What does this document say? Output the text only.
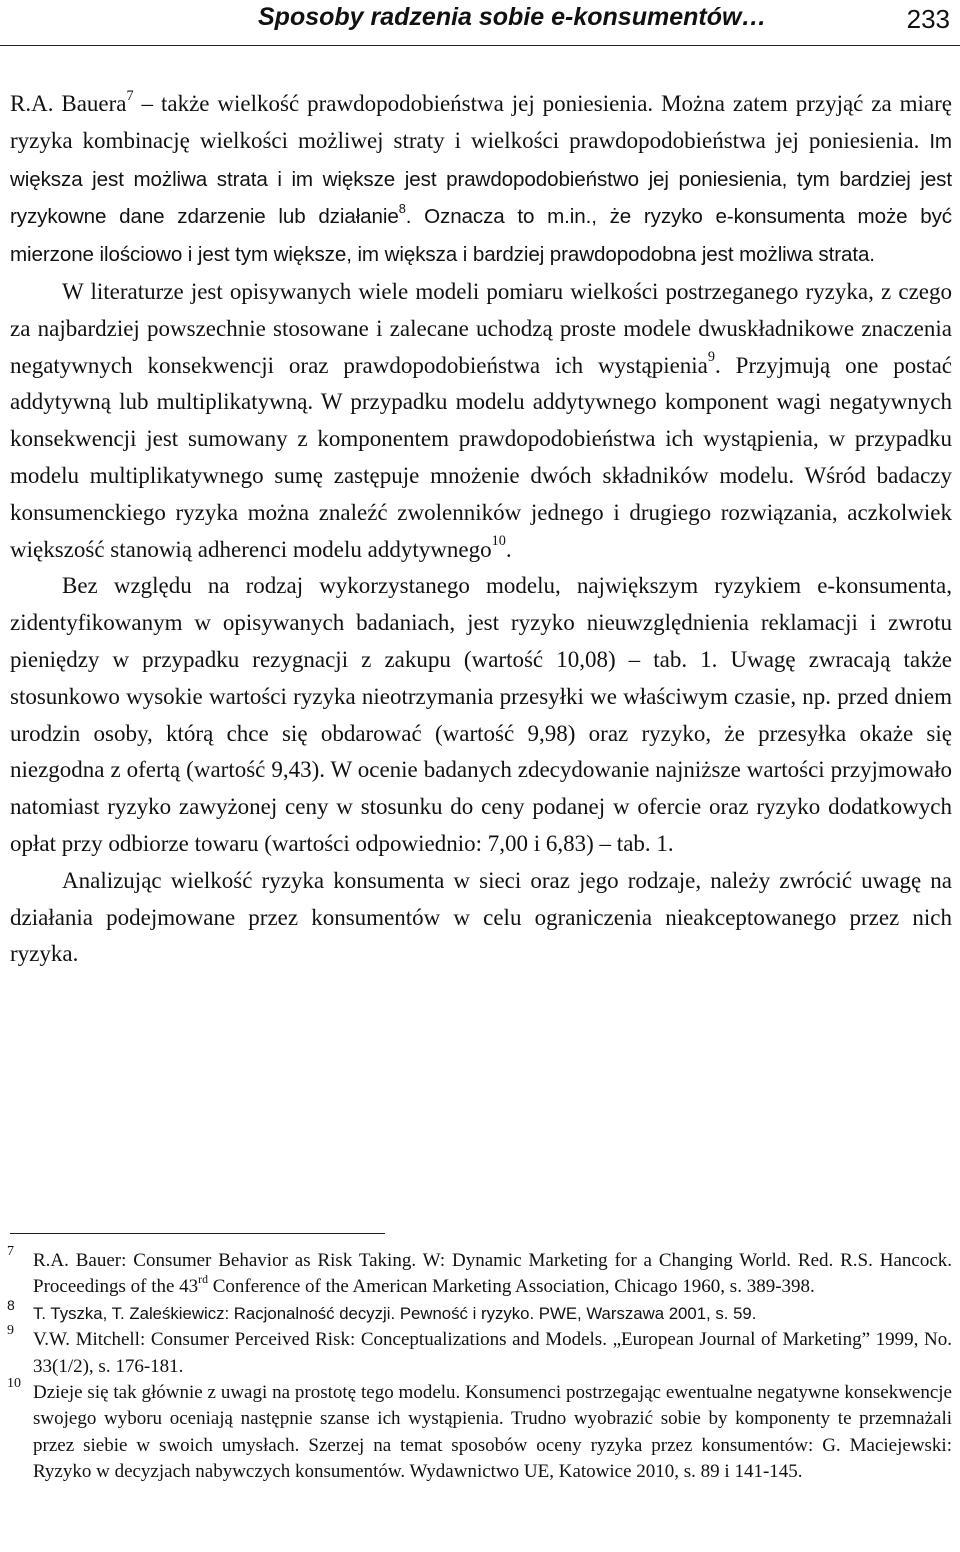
Sposoby radzenia sobie e-konsumentów…	233

R.A. Bauera$^7$ – także wielkość prawdopodobieństwa jej poniesienia. Można zatem przyjąć za miarę ryzyka kombinację wielkości możliwej straty i wielkości prawdopodobieństwa jej poniesienia. Im większa jest możliwa strata i im większe jest prawdopodobieństwo jej poniesienia, tym bardziej jest ryzykowne dane zdarzenie lub działanie$^8$. Oznacza to m.in., że ryzyko e-konsumenta może być mierzone ilościowo i jest tym większe, im większa i bardziej prawdopodobna jest możliwa strata.

W literaturze jest opisywanych wiele modeli pomiaru wielkości postrzeganego ryzyka, z czego za najbardziej powszechnie stosowane i zalecane uchodzą proste modele dwuskładnikowe znaczenia negatywnych konsekwencji oraz prawdopodobieństwa ich wystąpienia$^9$. Przyjmują one postać addytywną lub multiplikatywną. W przypadku modelu addytywnego komponent wagi negatywnych konsekwencji jest sumowany z komponentem prawdopodobieństwa ich wystąpienia, w przypadku modelu multiplikatywnego sumę zastępuje mnożenie dwóch składników modelu. Wśród badaczy konsumenckiego ryzyka można znaleźć zwolenników jednego i drugiego rozwiązania, aczkolwiek większość stanowią adherenci modelu addytywnego$^{10}$.

Bez względu na rodzaj wykorzystanego modelu, największym ryzykiem e-konsumenta, zidentyfikowanym w opisywanych badaniach, jest ryzyko nieuwzględnienia reklamacji i zwrotu pieniędzy w przypadku rezygnacji z zakupu (wartość 10,08) – tab. 1. Uwagę zwracają także stosunkowo wysokie wartości ryzyka nieotrzymania przesyłki we właściwym czasie, np. przed dniem urodzin osoby, którą chce się obdarować (wartość 9,98) oraz ryzyko, że przesyłka okaże się niezgodna z ofertą (wartość 9,43). W ocenie badanych zdecydowanie najniższe wartości przyjmowało natomiast ryzyko zawyżonej ceny w stosunku do ceny podanej w ofercie oraz ryzyko dodatkowych opłat przy odbiorze towaru (wartości odpowiednio: 7,00 i 6,83) – tab. 1.

Analizując wielkość ryzyka konsumenta w sieci oraz jego rodzaje, należy zwrócić uwagę na działania podejmowane przez konsumentów w celu ograniczenia nieakceptowanego przez nich ryzyka.

7 R.A. Bauer: Consumer Behavior as Risk Taking. W: Dynamic Marketing for a Changing World. Red. R.S. Hancock. Proceedings of the 43rd Conference of the American Marketing Association, Chicago 1960, s. 389-398.

8 T. Tyszka, T. Zaleśkiewicz: Racjonalność decyzji. Pewność i ryzyko. PWE, Warszawa 2001, s. 59.

9 V.W. Mitchell: Consumer Perceived Risk: Conceptualizations and Models. „European Journal of Marketing” 1999, No. 33(1/2), s. 176-181.

10 Dzieje się tak głównie z uwagi na prostotę tego modelu. Konsumenci postrzegając ewentualne negatywne konsekwencje swojego wyboru oceniają następnie szanse ich wystąpienia. Trudno wyobrazić sobie by komponenty te przemnażali przez siebie w swoich umysłach. Szerzej na temat sposobów oceny ryzyka przez konsumentów: G. Maciejewski: Ryzyko w decyzjach nabywczych konsumentów. Wydawnictwo UE, Katowice 2010, s. 89 i 141-145.
